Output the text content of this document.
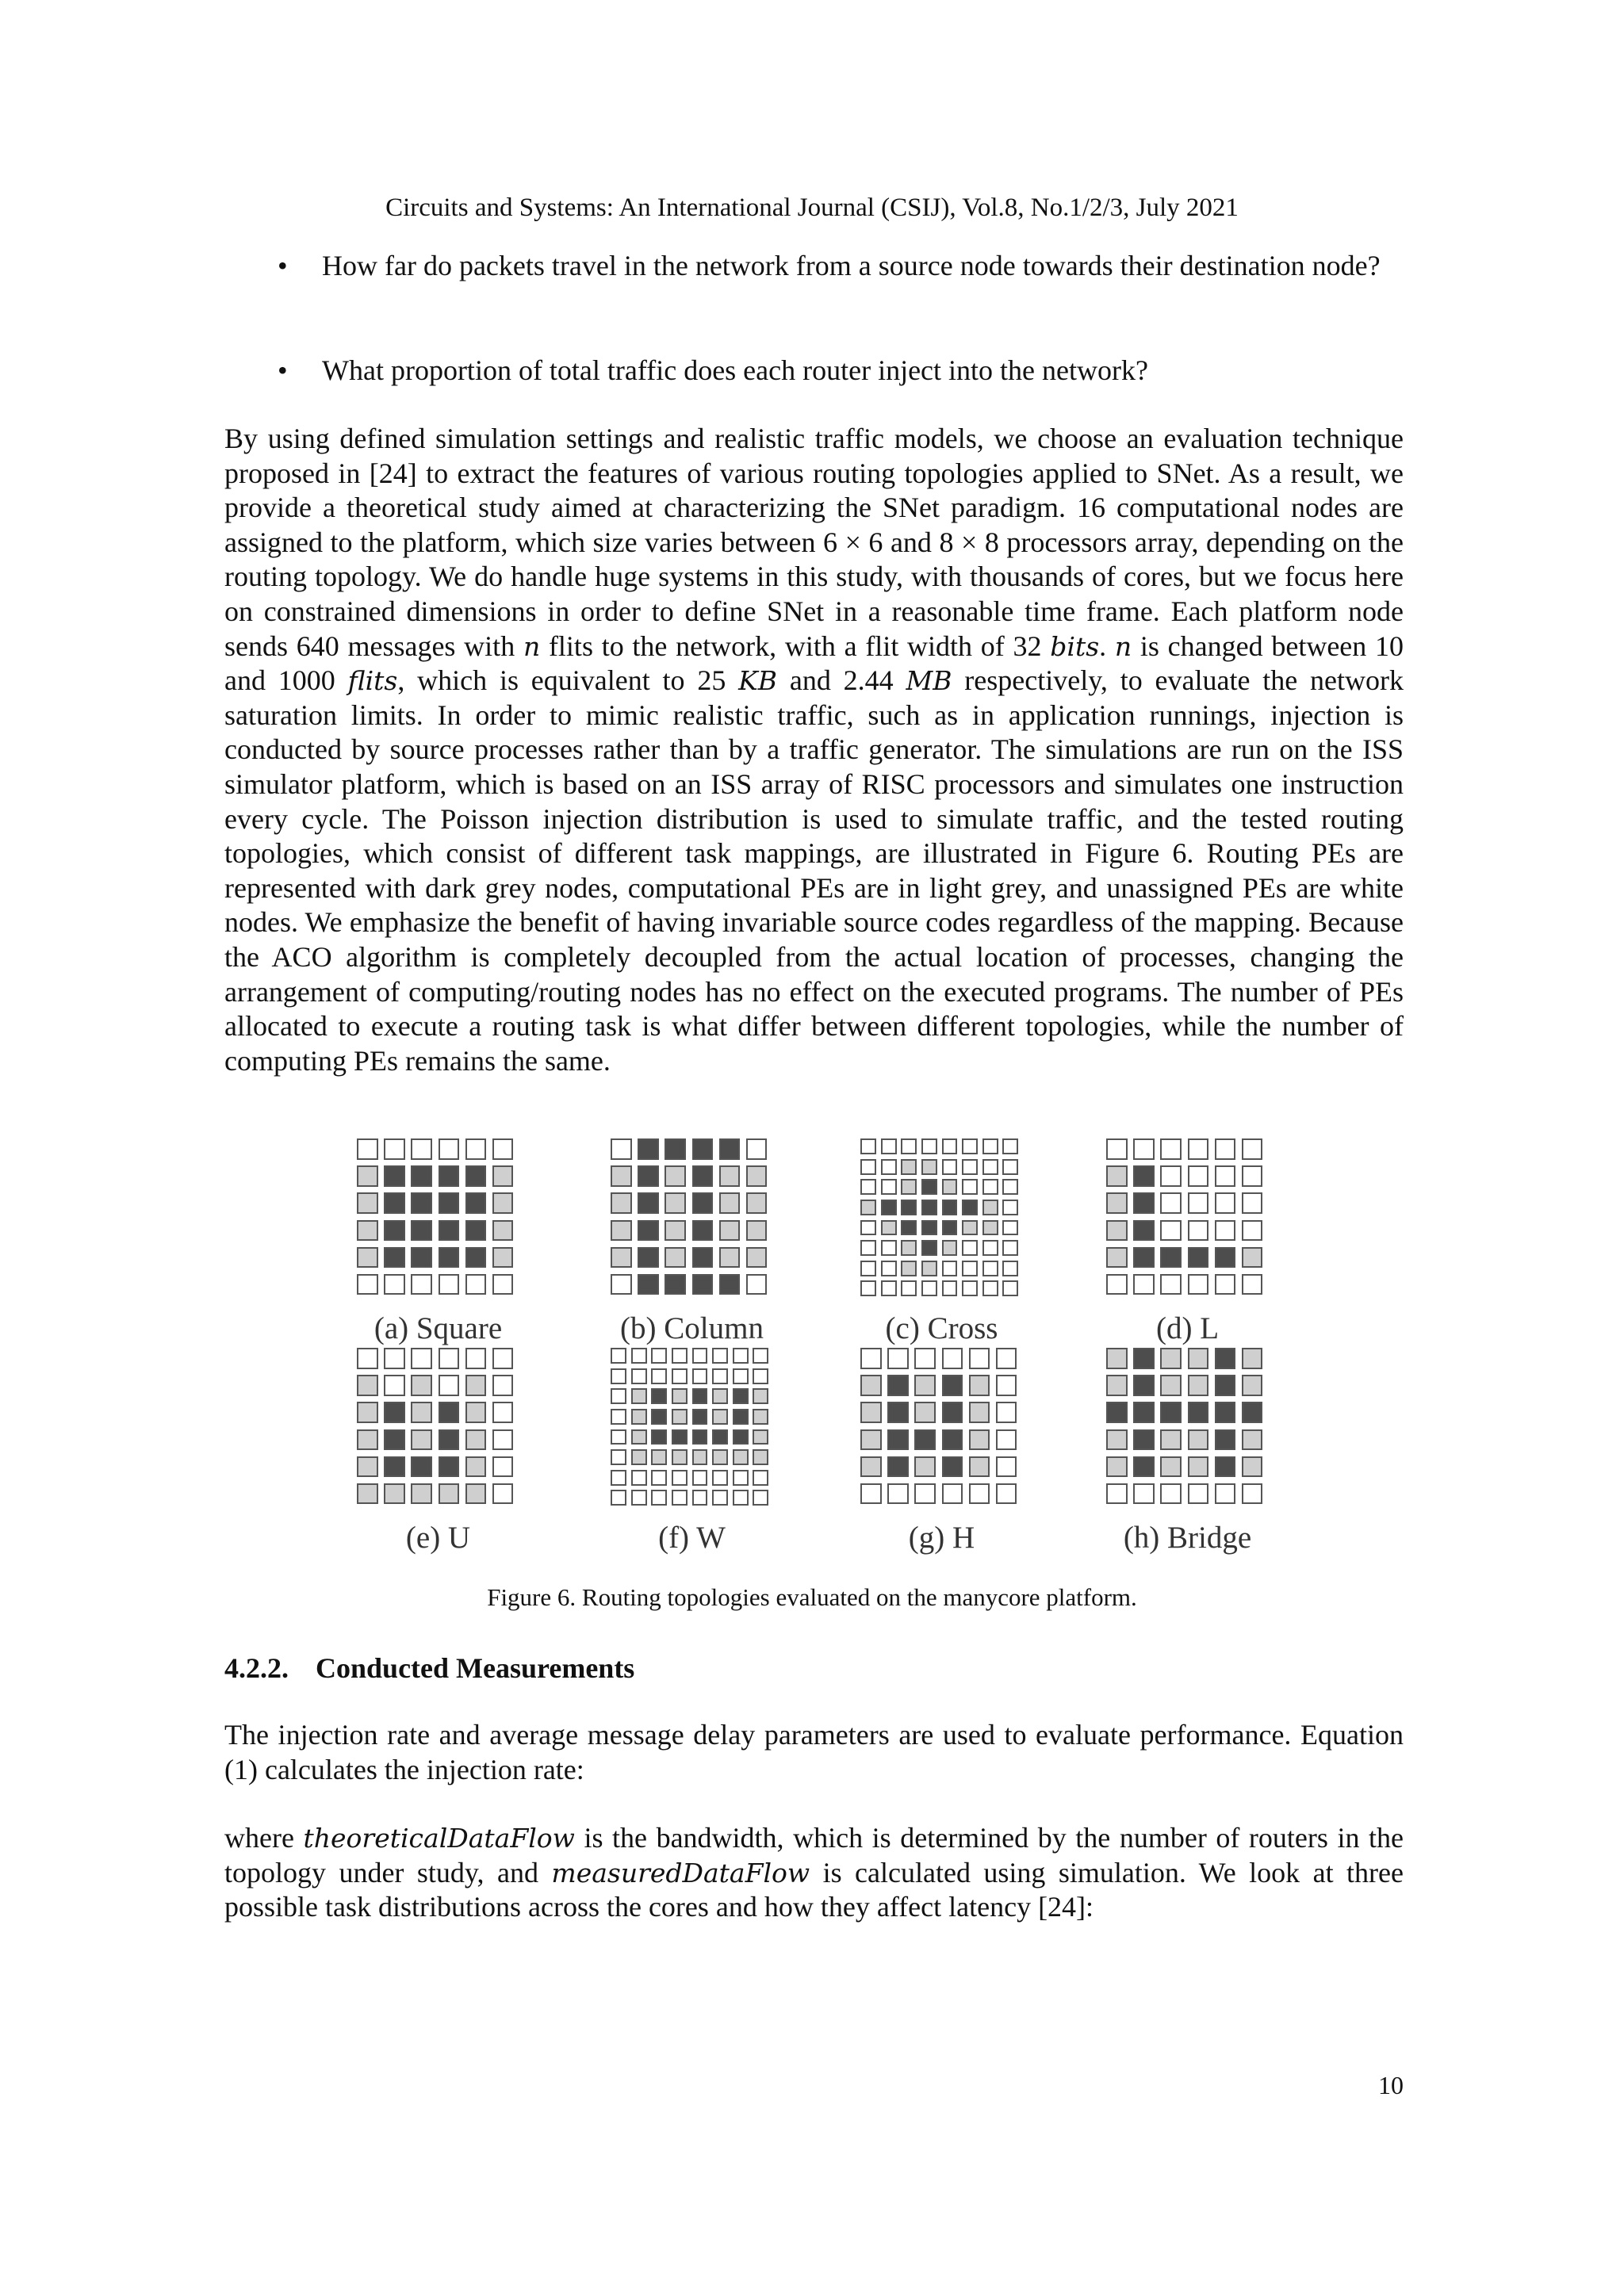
Circuits and Systems: An International Journal (CSIJ), Vol.8, No.1/2/3, July 2021
• How far do packets travel in the network from a source node towards their destination node?
• What proportion of total traffic does each router inject into the network?
By using defined simulation settings and realistic traffic models, we choose an evaluation technique proposed in [24] to extract the features of various routing topologies applied to SNet. As a result, we provide a theoretical study aimed at characterizing the SNet paradigm. 16 computational nodes are assigned to the platform, which size varies between 6 × 6 and 8 × 8 processors array, depending on the routing topology. We do handle huge systems in this study, with thousands of cores, but we focus here on constrained dimensions in order to define SNet in a reasonable time frame. Each platform node sends 640 messages with n flits to the network, with a flit width of 32 bits. n is changed between 10 and 1000 flits, which is equivalent to 25 KB and 2.44 MB respectively, to evaluate the network saturation limits. In order to mimic realistic traffic, such as in application runnings, injection is conducted by source processes rather than by a traffic generator. The simulations are run on the ISS simulator platform, which is based on an ISS array of RISC processors and simulates one instruction every cycle. The Poisson injection distribution is used to simulate traffic, and the tested routing topologies, which consist of different task mappings, are illustrated in Figure 6. Routing PEs are represented with dark grey nodes, computational PEs are in light grey, and unassigned PEs are white nodes. We emphasize the benefit of having invariable source codes regardless of the mapping. Because the ACO algorithm is completely decoupled from the actual location of processes, changing the arrangement of computing/routing nodes has no effect on the executed programs. The number of PEs allocated to execute a routing task is what differ between different topologies, while the number of computing PEs remains the same.
(a) Square	(b) Column	(c) Cross	(d) L
(e) U	(f) W	(g) H	(h) Bridge
Figure 6. Routing topologies evaluated on the manycore platform.
4.2.2. Conducted Measurements
The injection rate and average message delay parameters are used to evaluate performance. Equation (1) calculates the injection rate:
where theoreticalDataFlow is the bandwidth, which is determined by the number of routers in the topology under study, and measuredDataFlow is calculated using simulation. We look at three possible task distributions across the cores and how they affect latency [24]:
10
